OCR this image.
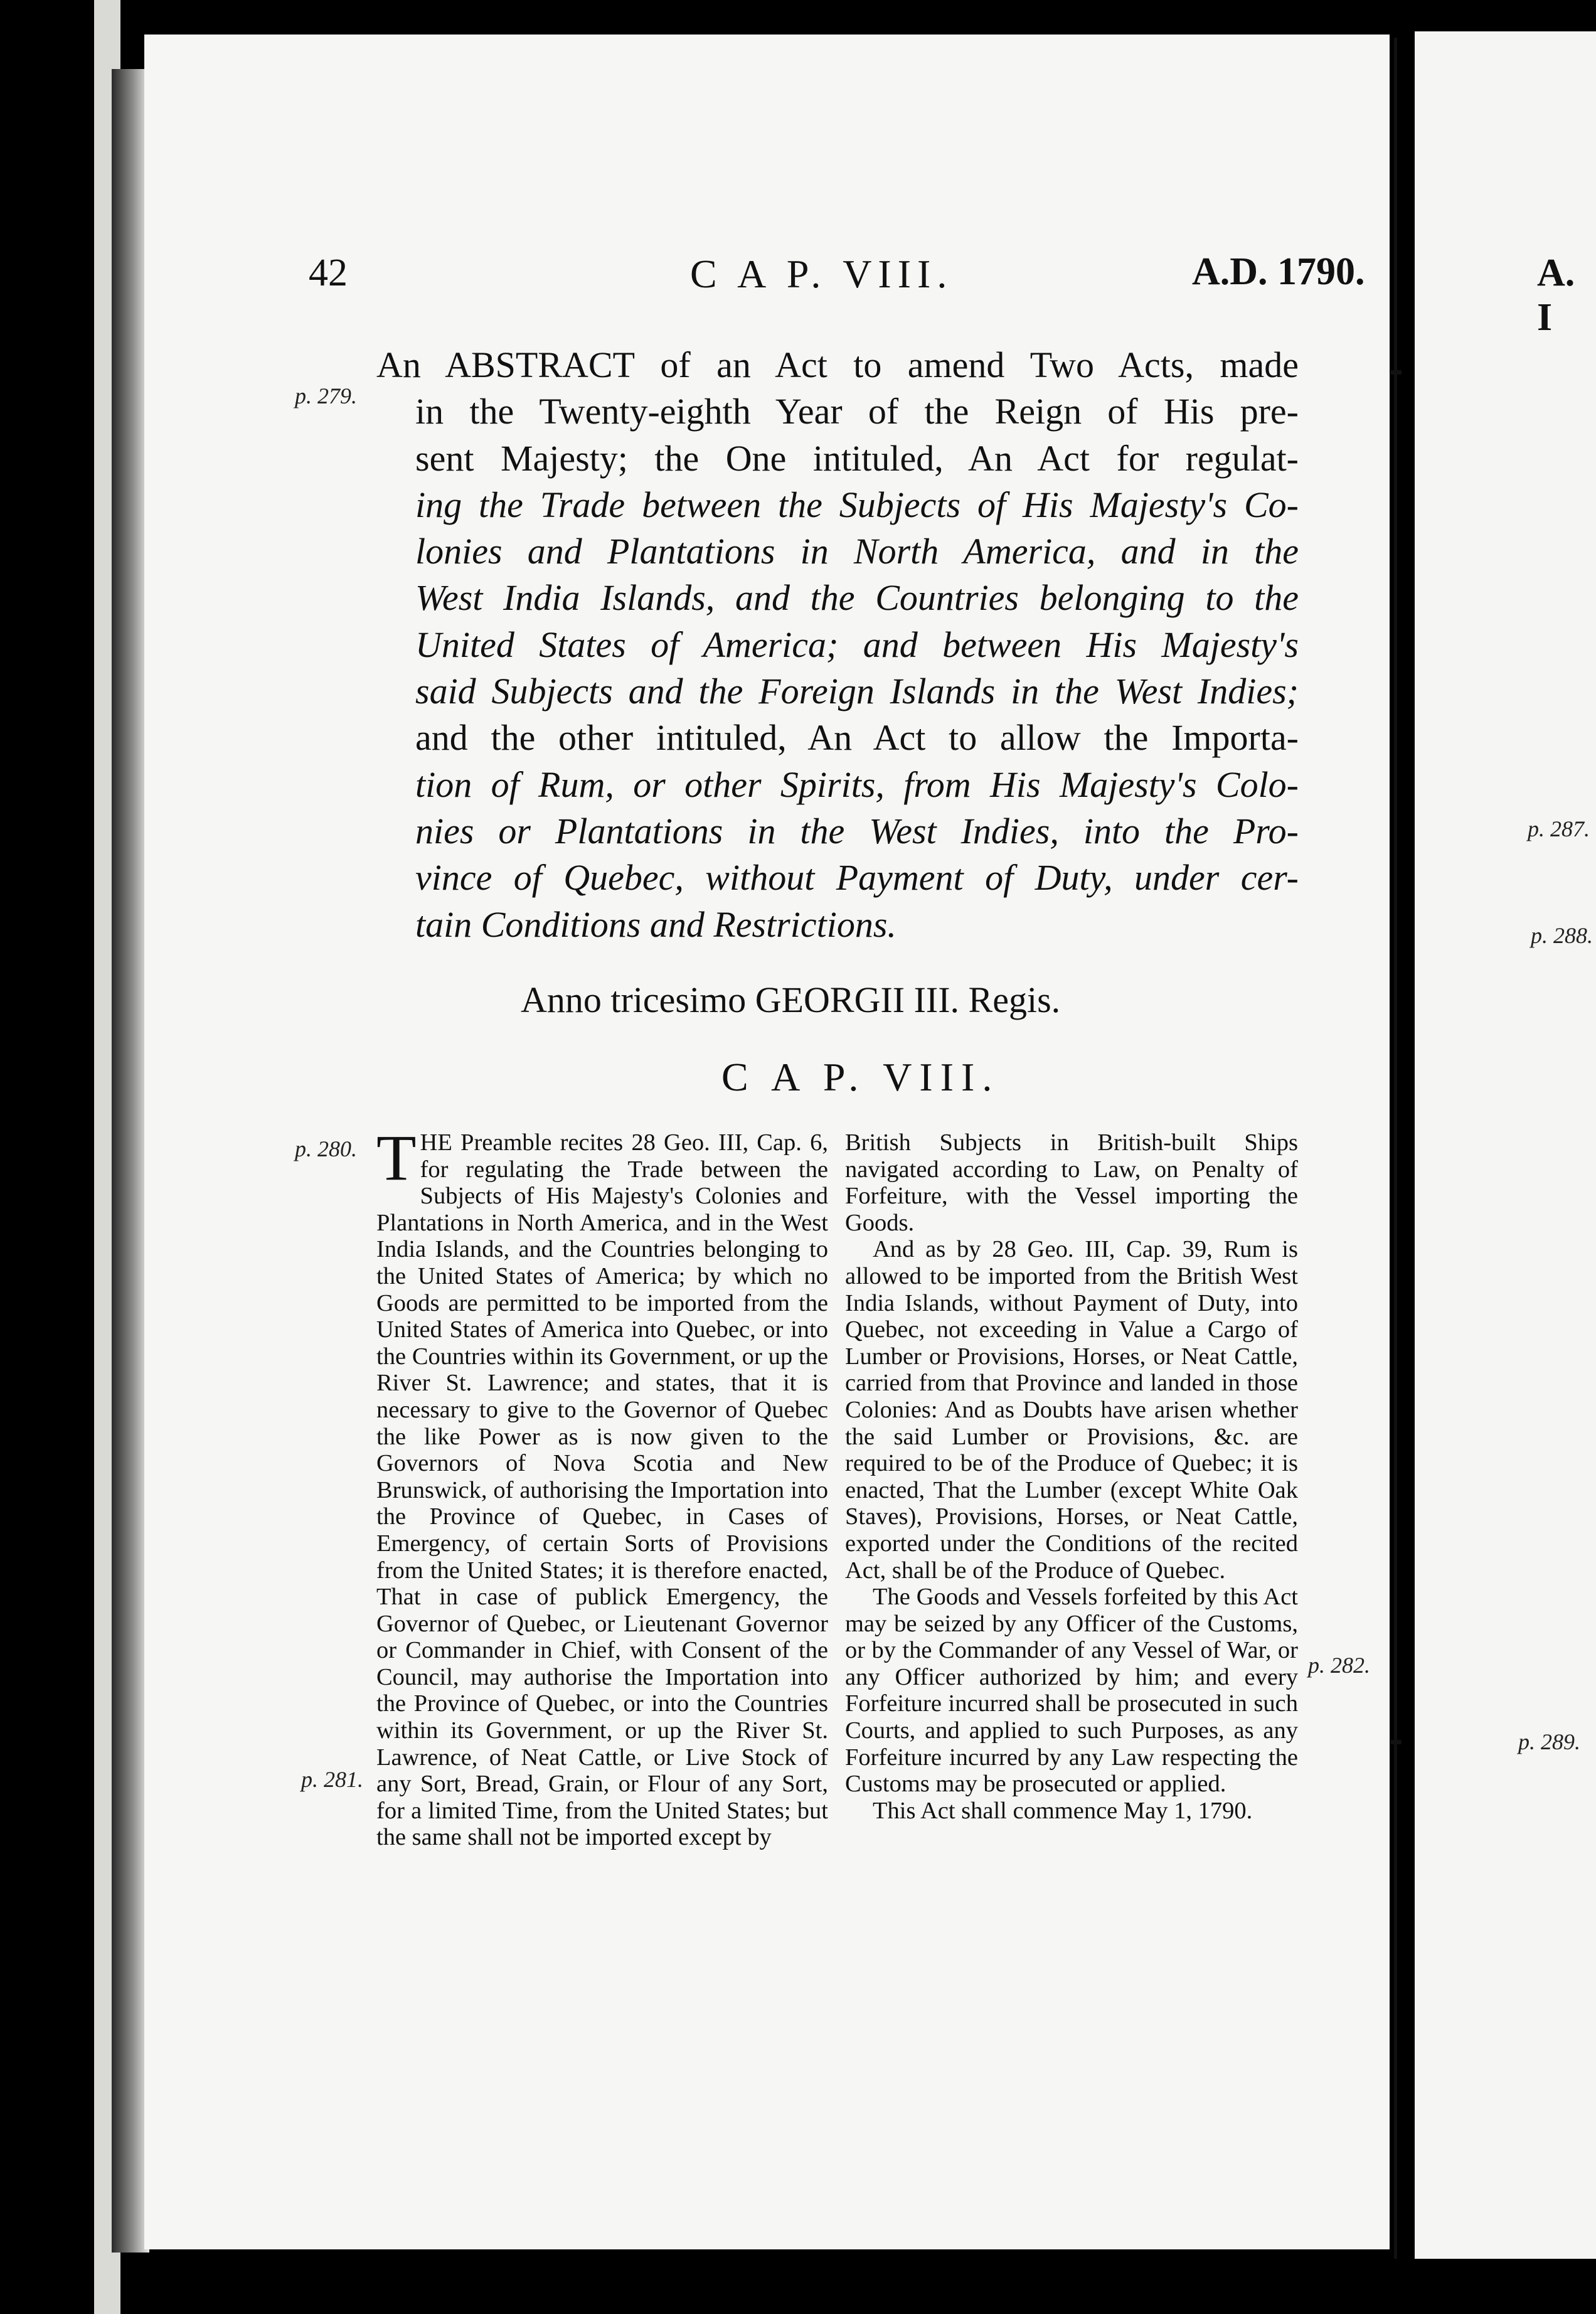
42	C A P. VIII.	A.D. 1790.	A. I
p. 279.
p. 280.
p. 281.
p. 282.
p. 287.
p. 288.
p. 289.
An ABSTRACT of an Act to amend Two Acts, made
in the Twenty-eighth Year of the Reign of His pre-
sent Majesty; the One intituled, An Act for regulat-
ing the Trade between the Subjects of His Majesty's Co-
lonies and Plantations in North America, and in the
West India Islands, and the Countries belonging to the
United States of America; and between His Majesty's
said Subjects and the Foreign Islands in the West Indies;
and the other intituled, An Act to allow the Importa-
tion of Rum, or other Spirits, from His Majesty's Colo-
nies or Plantations in the West Indies, into the Pro-
vince of Quebec, without Payment of Duty, under cer-
tain Conditions and Restrictions.
Anno tricesimo GEORGII III. Regis.
C A P. VIII.
T HE Preamble recites 28 Geo. III, Cap. 6, for regulating the Trade between the Subjects of His Majesty's Colonies and Plantations in North America, and in the West India Islands, and the Countries belonging to the United States of America; by which no Goods are permitted to be imported from the United States of America into Quebec, or into the Countries within its Government, or up the River St. Lawrence; and states, that it is necessary to give to the Governor of Quebec the like Power as is now given to the Governors of Nova Scotia and New Brunswick, of authorising the Importation into the Province of Quebec, in Cases of Emergency, of certain Sorts of Provisions from the United States; it is therefore enacted, That in case of publick Emergency, the Governor of Quebec, or Lieutenant Governor or Commander in Chief, with Consent of the Council, may authorise the Importation into the Province of Quebec, or into the Countries within its Government, or up the River St. Lawrence, of Neat Cattle, or Live Stock of any Sort, Bread, Grain, or Flour of any Sort, for a limited Time, from the United States; but the same shall not be imported except by
British Subjects in British-built Ships navigated according to Law, on Penalty of Forfeiture, with the Vessel importing the Goods.
And as by 28 Geo. III, Cap. 39, Rum is allowed to be imported from the British West India Islands, without Payment of Duty, into Quebec, not exceeding in Value a Cargo of Lumber or Provisions, Horses, or Neat Cattle, carried from that Province and landed in those Colonies: And as Doubts have arisen whether the said Lumber or Provisions, &c. are required to be of the Produce of Quebec; it is enacted, That the Lumber (except White Oak Staves), Provisions, Horses, or Neat Cattle, exported under the Conditions of the recited Act, shall be of the Produce of Quebec.
The Goods and Vessels forfeited by this Act may be seized by any Officer of the Customs, or by the Commander of any Vessel of War, or any Officer authorized by him; and every Forfeiture incurred shall be prosecuted in such Courts, and applied to such Purposes, as any Forfeiture incurred by any Law respecting the Customs may be prosecuted or applied.
This Act shall commence May 1, 1790.
